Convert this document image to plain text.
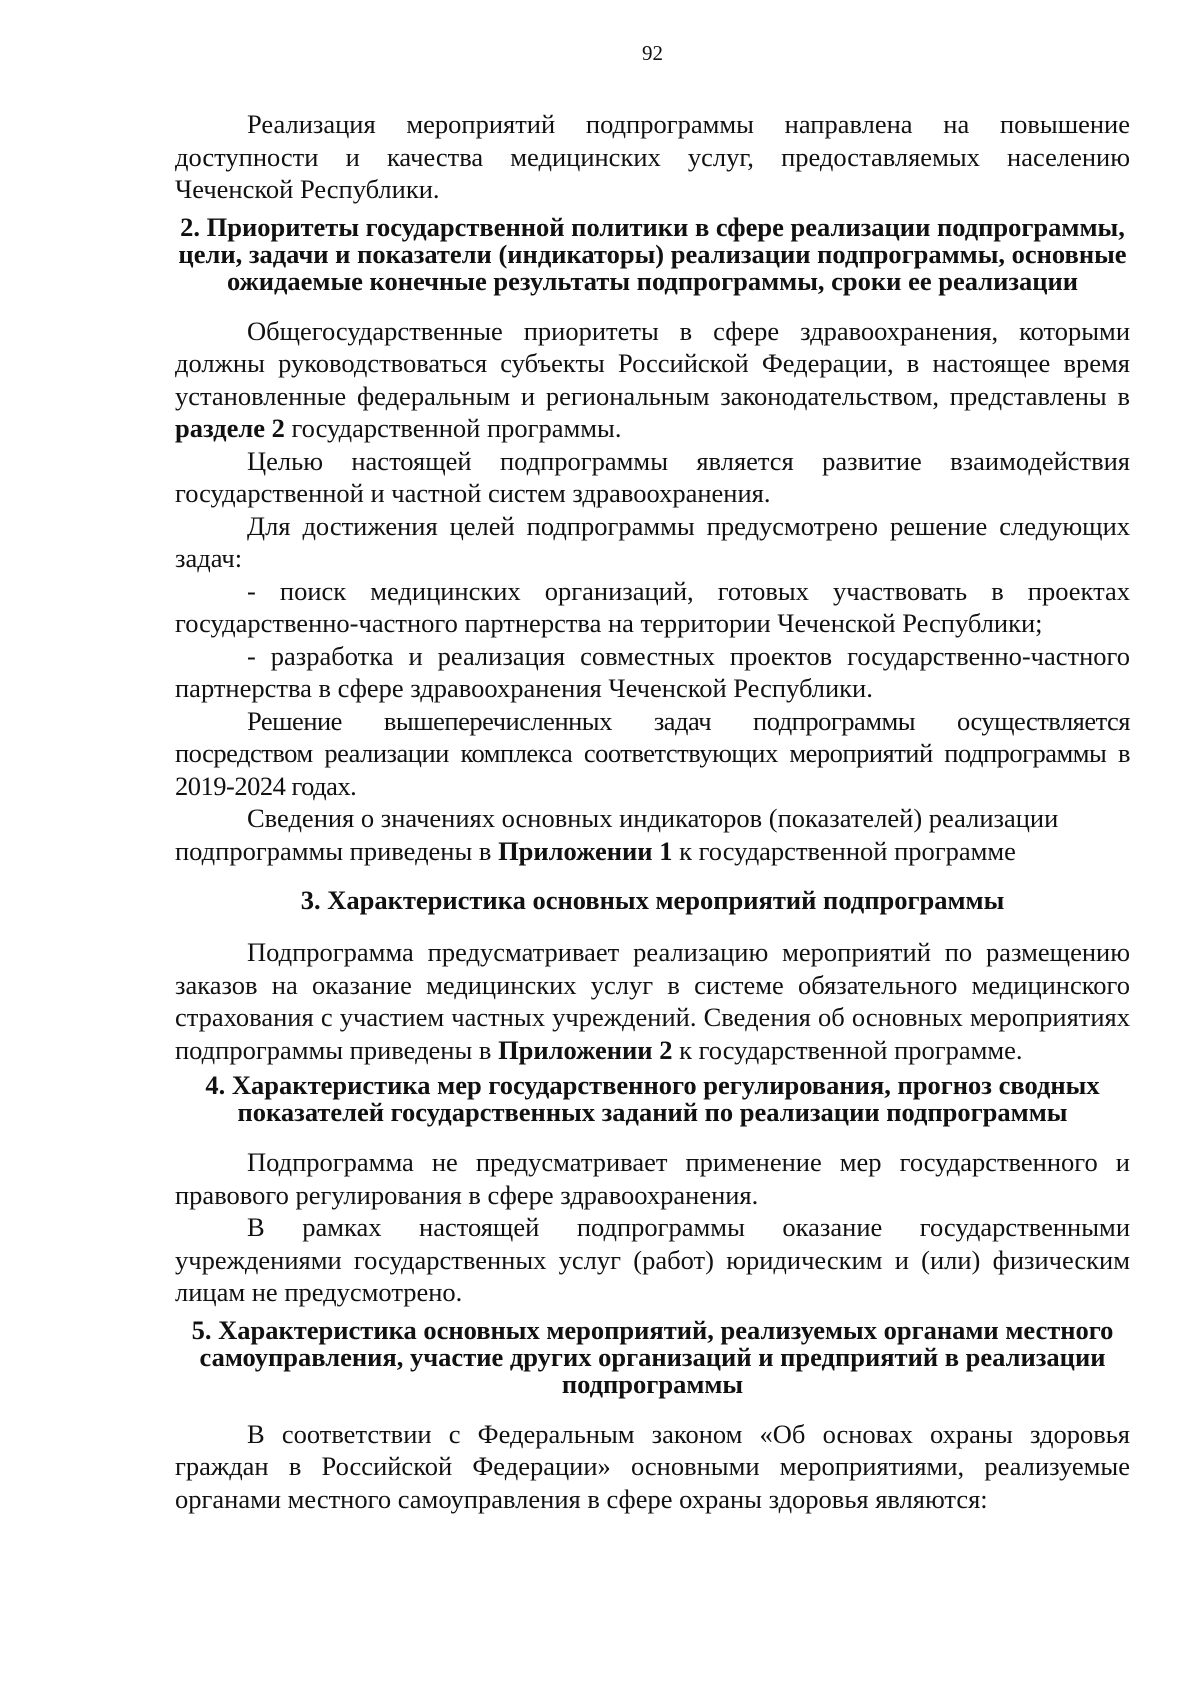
92

Реализация мероприятий подпрограммы направлена на повышение доступности и качества медицинских услуг, предоставляемых населению Чеченской Республики.

2. Приоритеты государственной политики в сфере реализации подпрограммы, цели, задачи и показатели (индикаторы) реализации подпрограммы, основные ожидаемые конечные результаты подпрограммы, сроки ее реализации

Общегосударственные приоритеты в сфере здравоохранения, которыми должны руководствоваться субъекты Российской Федерации, в настоящее время установленные федеральным и региональным законодательством, представлены в разделе 2 государственной программы.

Целью настоящей подпрограммы является развитие взаимодействия государственной и частной систем здравоохранения.

Для достижения целей подпрограммы предусмотрено решение следующих задач:

- поиск медицинских организаций, готовых участвовать в проектах государственно-частного партнерства на территории Чеченской Республики;

- разработка и реализация совместных проектов государственно-частного партнерства в сфере здравоохранения Чеченской Республики.

Решение вышеперечисленных задач подпрограммы осуществляется посредством реализации комплекса соответствующих мероприятий подпрограммы в 2019-2024 годах.

Сведения о значениях основных индикаторов (показателей) реализации подпрограммы приведены в Приложении 1 к государственной программе

3. Характеристика основных мероприятий подпрограммы

Подпрограмма предусматривает реализацию мероприятий по размещению заказов на оказание медицинских услуг в системе обязательного медицинского страхования с участием частных учреждений. Сведения об основных мероприятиях подпрограммы приведены в Приложении 2 к государственной программе.

4. Характеристика мер государственного регулирования, прогноз сводных показателей государственных заданий по реализации подпрограммы

Подпрограмма не предусматривает применение мер государственного и правового регулирования в сфере здравоохранения.

В рамках настоящей подпрограммы оказание государственными учреждениями государственных услуг (работ) юридическим и (или) физическим лицам не предусмотрено.

5. Характеристика основных мероприятий, реализуемых органами местного самоуправления, участие других организаций и предприятий в реализации подпрограммы

В соответствии с Федеральным законом «Об основах охраны здоровья граждан в Российской Федерации» основными мероприятиями, реализуемые органами местного самоуправления в сфере охраны здоровья являются:
